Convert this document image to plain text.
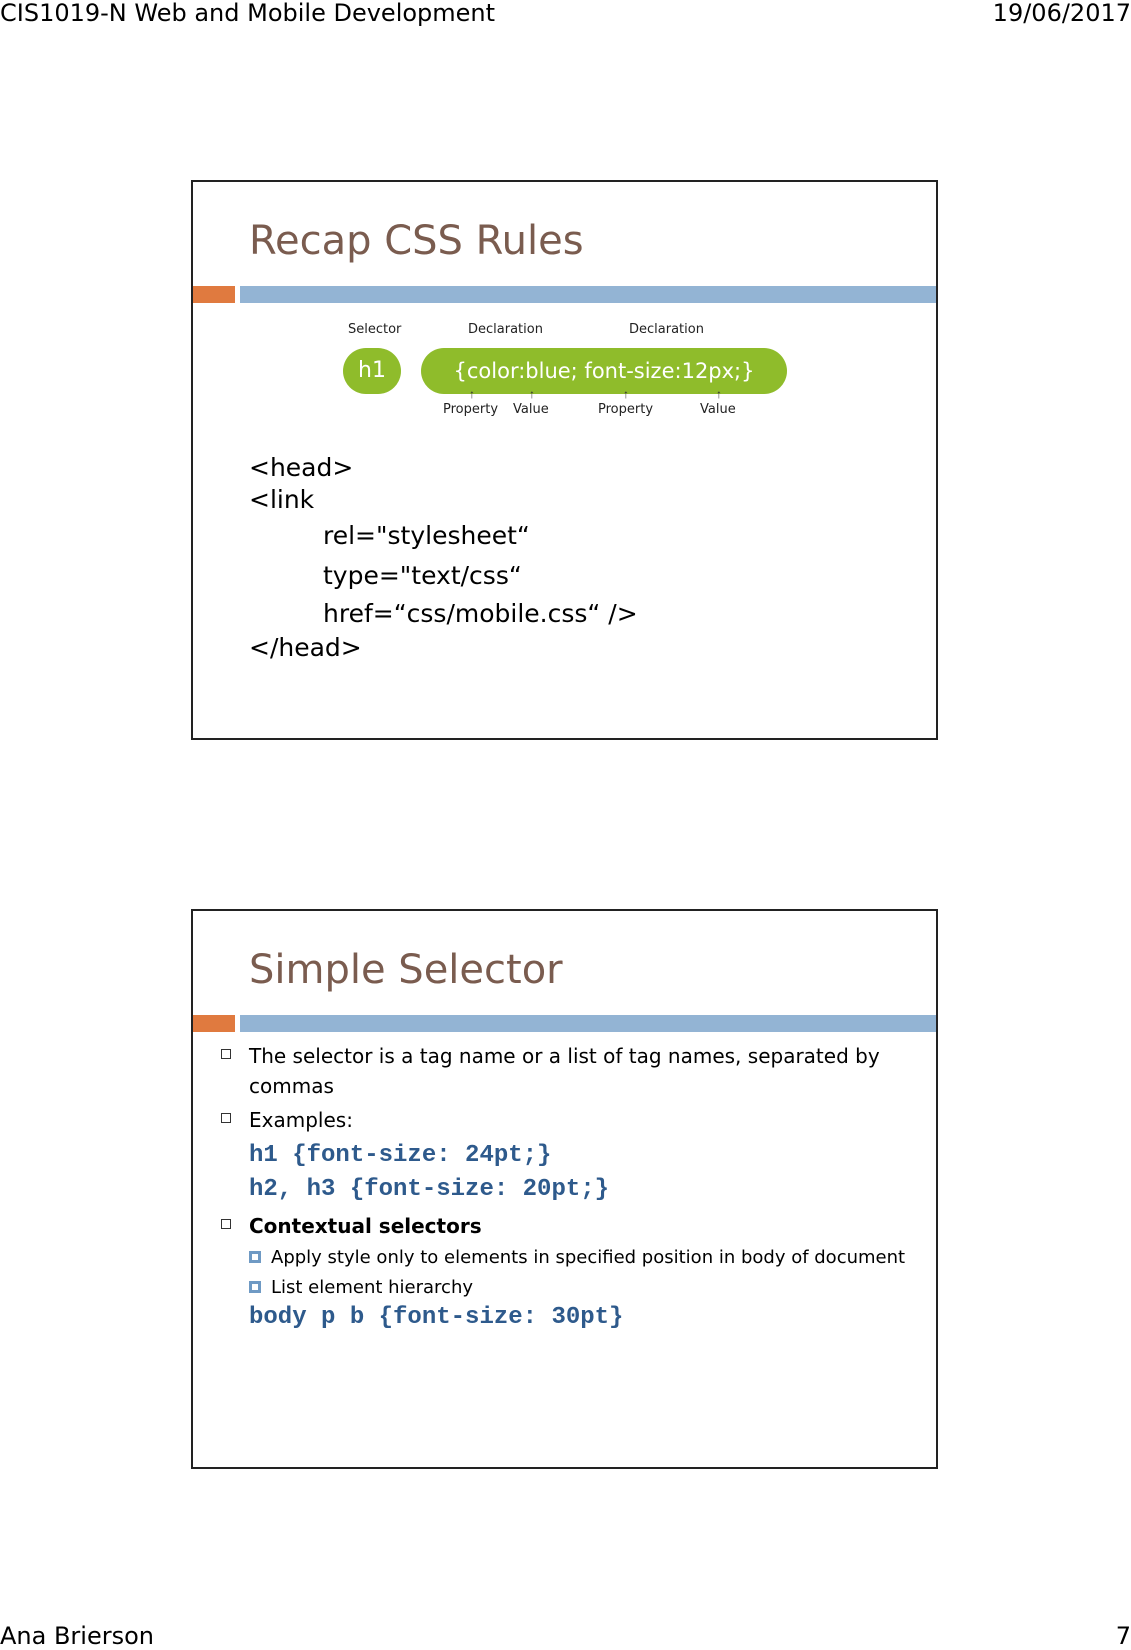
CIS1019-N Web and Mobile Development	19/06/2017
Recap CSS Rules
Selector	Declaration	Declaration
h1	{color:blue; font-size:12px;}
↑	↑	↑	↑
Property Value	Property	Value
<head>
<link
rel="stylesheet“
type="text/css“
href=“css/mobile.css“ />
</head>
Simple Selector
The selector is a tag name or a list of tag names, separated by commas
Examples:
h1 {font-size: 24pt;}
h2, h3 {font-size: 20pt;}
Contextual selectors
Apply style only to elements in specified position in body of document
List element hierarchy
body p b {font-size: 30pt}
Ana Brierson	7
